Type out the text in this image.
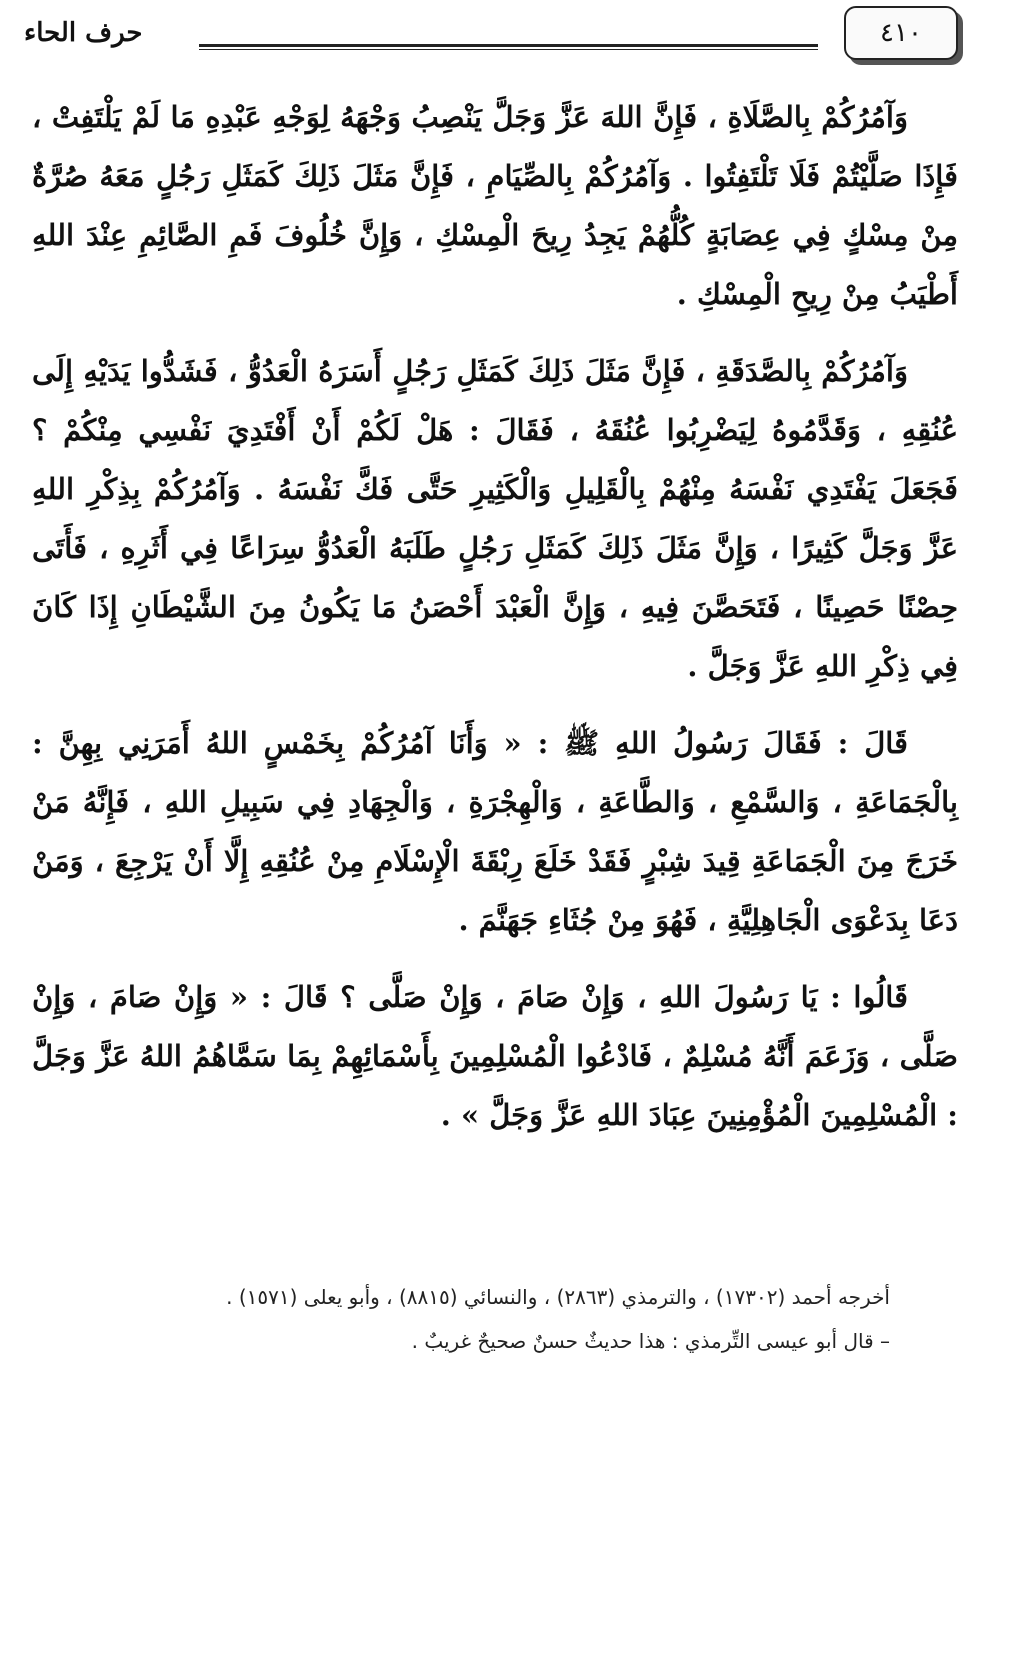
٤١٠
حرف الحاء

وَآمُرُكُمْ بِالصَّلَاةِ ، فَإِنَّ اللهَ عَزَّ وَجَلَّ يَنْصِبُ وَجْهَهُ لِوَجْهِ عَبْدِهِ مَا لَمْ يَلْتَفِتْ ، فَإِذَا صَلَّيْتُمْ فَلَا تَلْتَفِتُوا . وَآمُرُكُمْ بِالصِّيَامِ ، فَإِنَّ مَثَلَ ذَلِكَ كَمَثَلِ رَجُلٍ مَعَهُ صُرَّةٌ مِنْ مِسْكٍ فِي عِصَابَةٍ كُلُّهُمْ يَجِدُ رِيحَ الْمِسْكِ ، وَإِنَّ خُلُوفَ فَمِ الصَّائِمِ عِنْدَ اللهِ أَطْيَبُ مِنْ رِيحِ الْمِسْكِ .

وَآمُرُكُمْ بِالصَّدَقَةِ ، فَإِنَّ مَثَلَ ذَلِكَ كَمَثَلِ رَجُلٍ أَسَرَهُ الْعَدُوُّ ، فَشَدُّوا يَدَيْهِ إِلَى عُنُقِهِ ، وَقَدَّمُوهُ لِيَضْرِبُوا عُنُقَهُ ، فَقَالَ : هَلْ لَكُمْ أَنْ أَفْتَدِيَ نَفْسِي مِنْكُمْ ؟ فَجَعَلَ يَفْتَدِي نَفْسَهُ مِنْهُمْ بِالْقَلِيلِ وَالْكَثِيرِ حَتَّى فَكَّ نَفْسَهُ . وَآمُرُكُمْ بِذِكْرِ اللهِ عَزَّ وَجَلَّ كَثِيرًا ، وَإِنَّ مَثَلَ ذَلِكَ كَمَثَلِ رَجُلٍ طَلَبَهُ الْعَدُوُّ سِرَاعًا فِي أَثَرِهِ ، فَأَتَى حِصْنًا حَصِينًا ، فَتَحَصَّنَ فِيهِ ، وَإِنَّ الْعَبْدَ أَحْصَنُ مَا يَكُونُ مِنَ الشَّيْطَانِ إِذَا كَانَ فِي ذِكْرِ اللهِ عَزَّ وَجَلَّ .

قَالَ : فَقَالَ رَسُولُ اللهِ ﷺ : « وَأَنَا آمُرُكُمْ بِخَمْسٍ اللهُ أَمَرَنِي بِهِنَّ : بِالْجَمَاعَةِ ، وَالسَّمْعِ ، وَالطَّاعَةِ ، وَالْهِجْرَةِ ، وَالْجِهَادِ فِي سَبِيلِ اللهِ ، فَإِنَّهُ مَنْ خَرَجَ مِنَ الْجَمَاعَةِ قِيدَ شِبْرٍ فَقَدْ خَلَعَ رِبْقَةَ الْإِسْلَامِ مِنْ عُنُقِهِ إِلَّا أَنْ يَرْجِعَ ، وَمَنْ دَعَا بِدَعْوَى الْجَاهِلِيَّةِ ، فَهُوَ مِنْ جُثَاءِ جَهَنَّمَ .

قَالُوا : يَا رَسُولَ اللهِ ، وَإِنْ صَامَ ، وَإِنْ صَلَّى ؟ قَالَ : « وَإِنْ صَامَ ، وَإِنْ صَلَّى ، وَزَعَمَ أَنَّهُ مُسْلِمٌ ، فَادْعُوا الْمُسْلِمِينَ بِأَسْمَائِهِمْ بِمَا سَمَّاهُمُ اللهُ عَزَّ وَجَلَّ : الْمُسْلِمِينَ الْمُؤْمِنِينَ عِبَادَ اللهِ عَزَّ وَجَلَّ » .

أخرجه أحمد (١٧٣٠٢) ، والترمذي (٢٨٦٣) ، والنسائي (٨٨١٥) ، وأبو يعلى (١٥٧١) .

– قال أبو عيسى التِّرمذي : هذا حديثٌ حسنٌ صحيحٌ غريبٌ .
